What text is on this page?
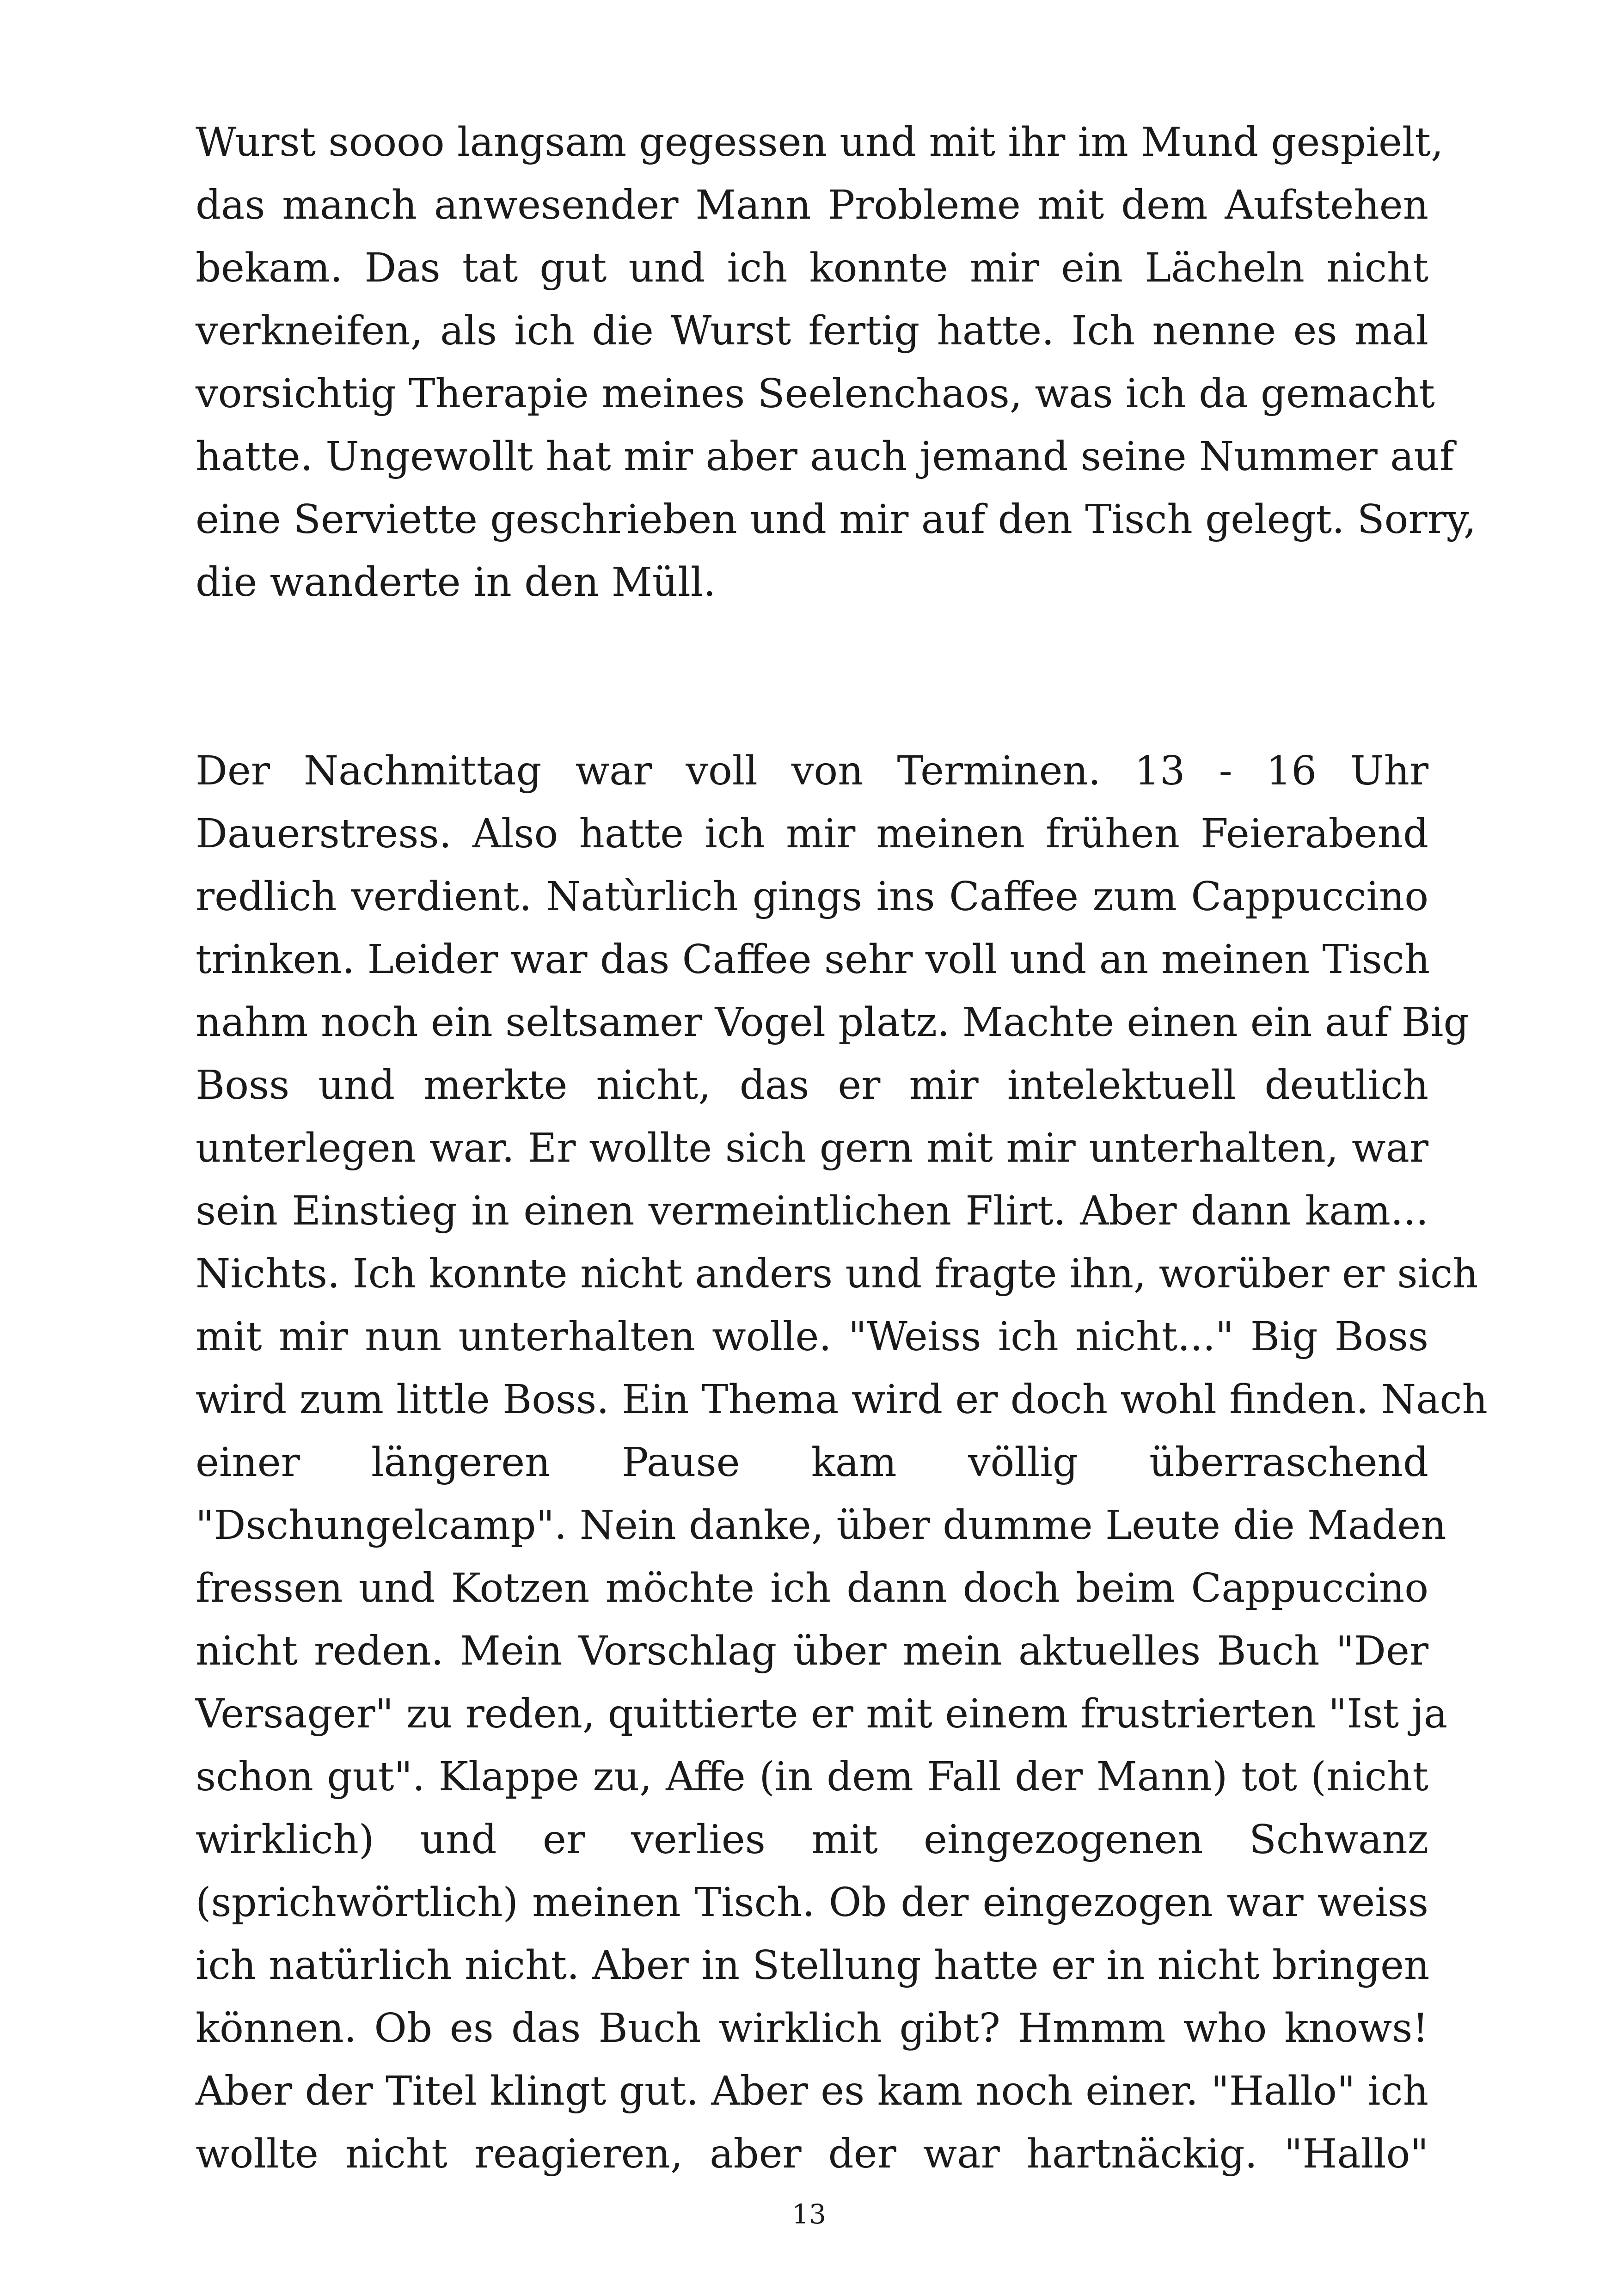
Wurst soooo langsam gegessen und mit ihr im Mund gespielt,
das manch anwesender Mann Probleme mit dem Aufstehen
bekam. Das tat gut und ich konnte mir ein Lächeln nicht
verkneifen, als ich die Wurst fertig hatte. Ich nenne es mal
vorsichtig Therapie meines Seelenchaos, was ich da gemacht
hatte. Ungewollt hat mir aber auch jemand seine Nummer auf
eine Serviette geschrieben und mir auf den Tisch gelegt. Sorry,
die wanderte in den Müll.
Der Nachmittag war voll von Terminen. 13 - 16 Uhr
Dauerstress. Also hatte ich mir meinen frühen Feierabend
redlich verdient. Natùrlich gings ins Caffee zum Cappuccino
trinken. Leider war das Caffee sehr voll und an meinen Tisch
nahm noch ein seltsamer Vogel platz. Machte einen ein auf Big
Boss und merkte nicht, das er mir intelektuell deutlich
unterlegen war. Er wollte sich gern mit mir unterhalten, war
sein Einstieg in einen vermeintlichen Flirt. Aber dann kam...
Nichts. Ich konnte nicht anders und fragte ihn, worüber er sich
mit mir nun unterhalten wolle. "Weiss ich nicht..." Big Boss
wird zum little Boss. Ein Thema wird er doch wohl finden. Nach
einer längeren Pause kam völlig überraschend
"Dschungelcamp". Nein danke, über dumme Leute die Maden
fressen und Kotzen möchte ich dann doch beim Cappuccino
nicht reden. Mein Vorschlag über mein aktuelles Buch "Der
Versager" zu reden, quittierte er mit einem frustrierten "Ist ja
schon gut". Klappe zu, Affe (in dem Fall der Mann) tot (nicht
wirklich) und er verlies mit eingezogenen Schwanz
(sprichwörtlich) meinen Tisch. Ob der eingezogen war weiss
ich natürlich nicht. Aber in Stellung hatte er in nicht bringen
können. Ob es das Buch wirklich gibt? Hmmm who knows!
Aber der Titel klingt gut. Aber es kam noch einer. "Hallo" ich
wollte nicht reagieren, aber der war hartnäckig. "Hallo"
13
